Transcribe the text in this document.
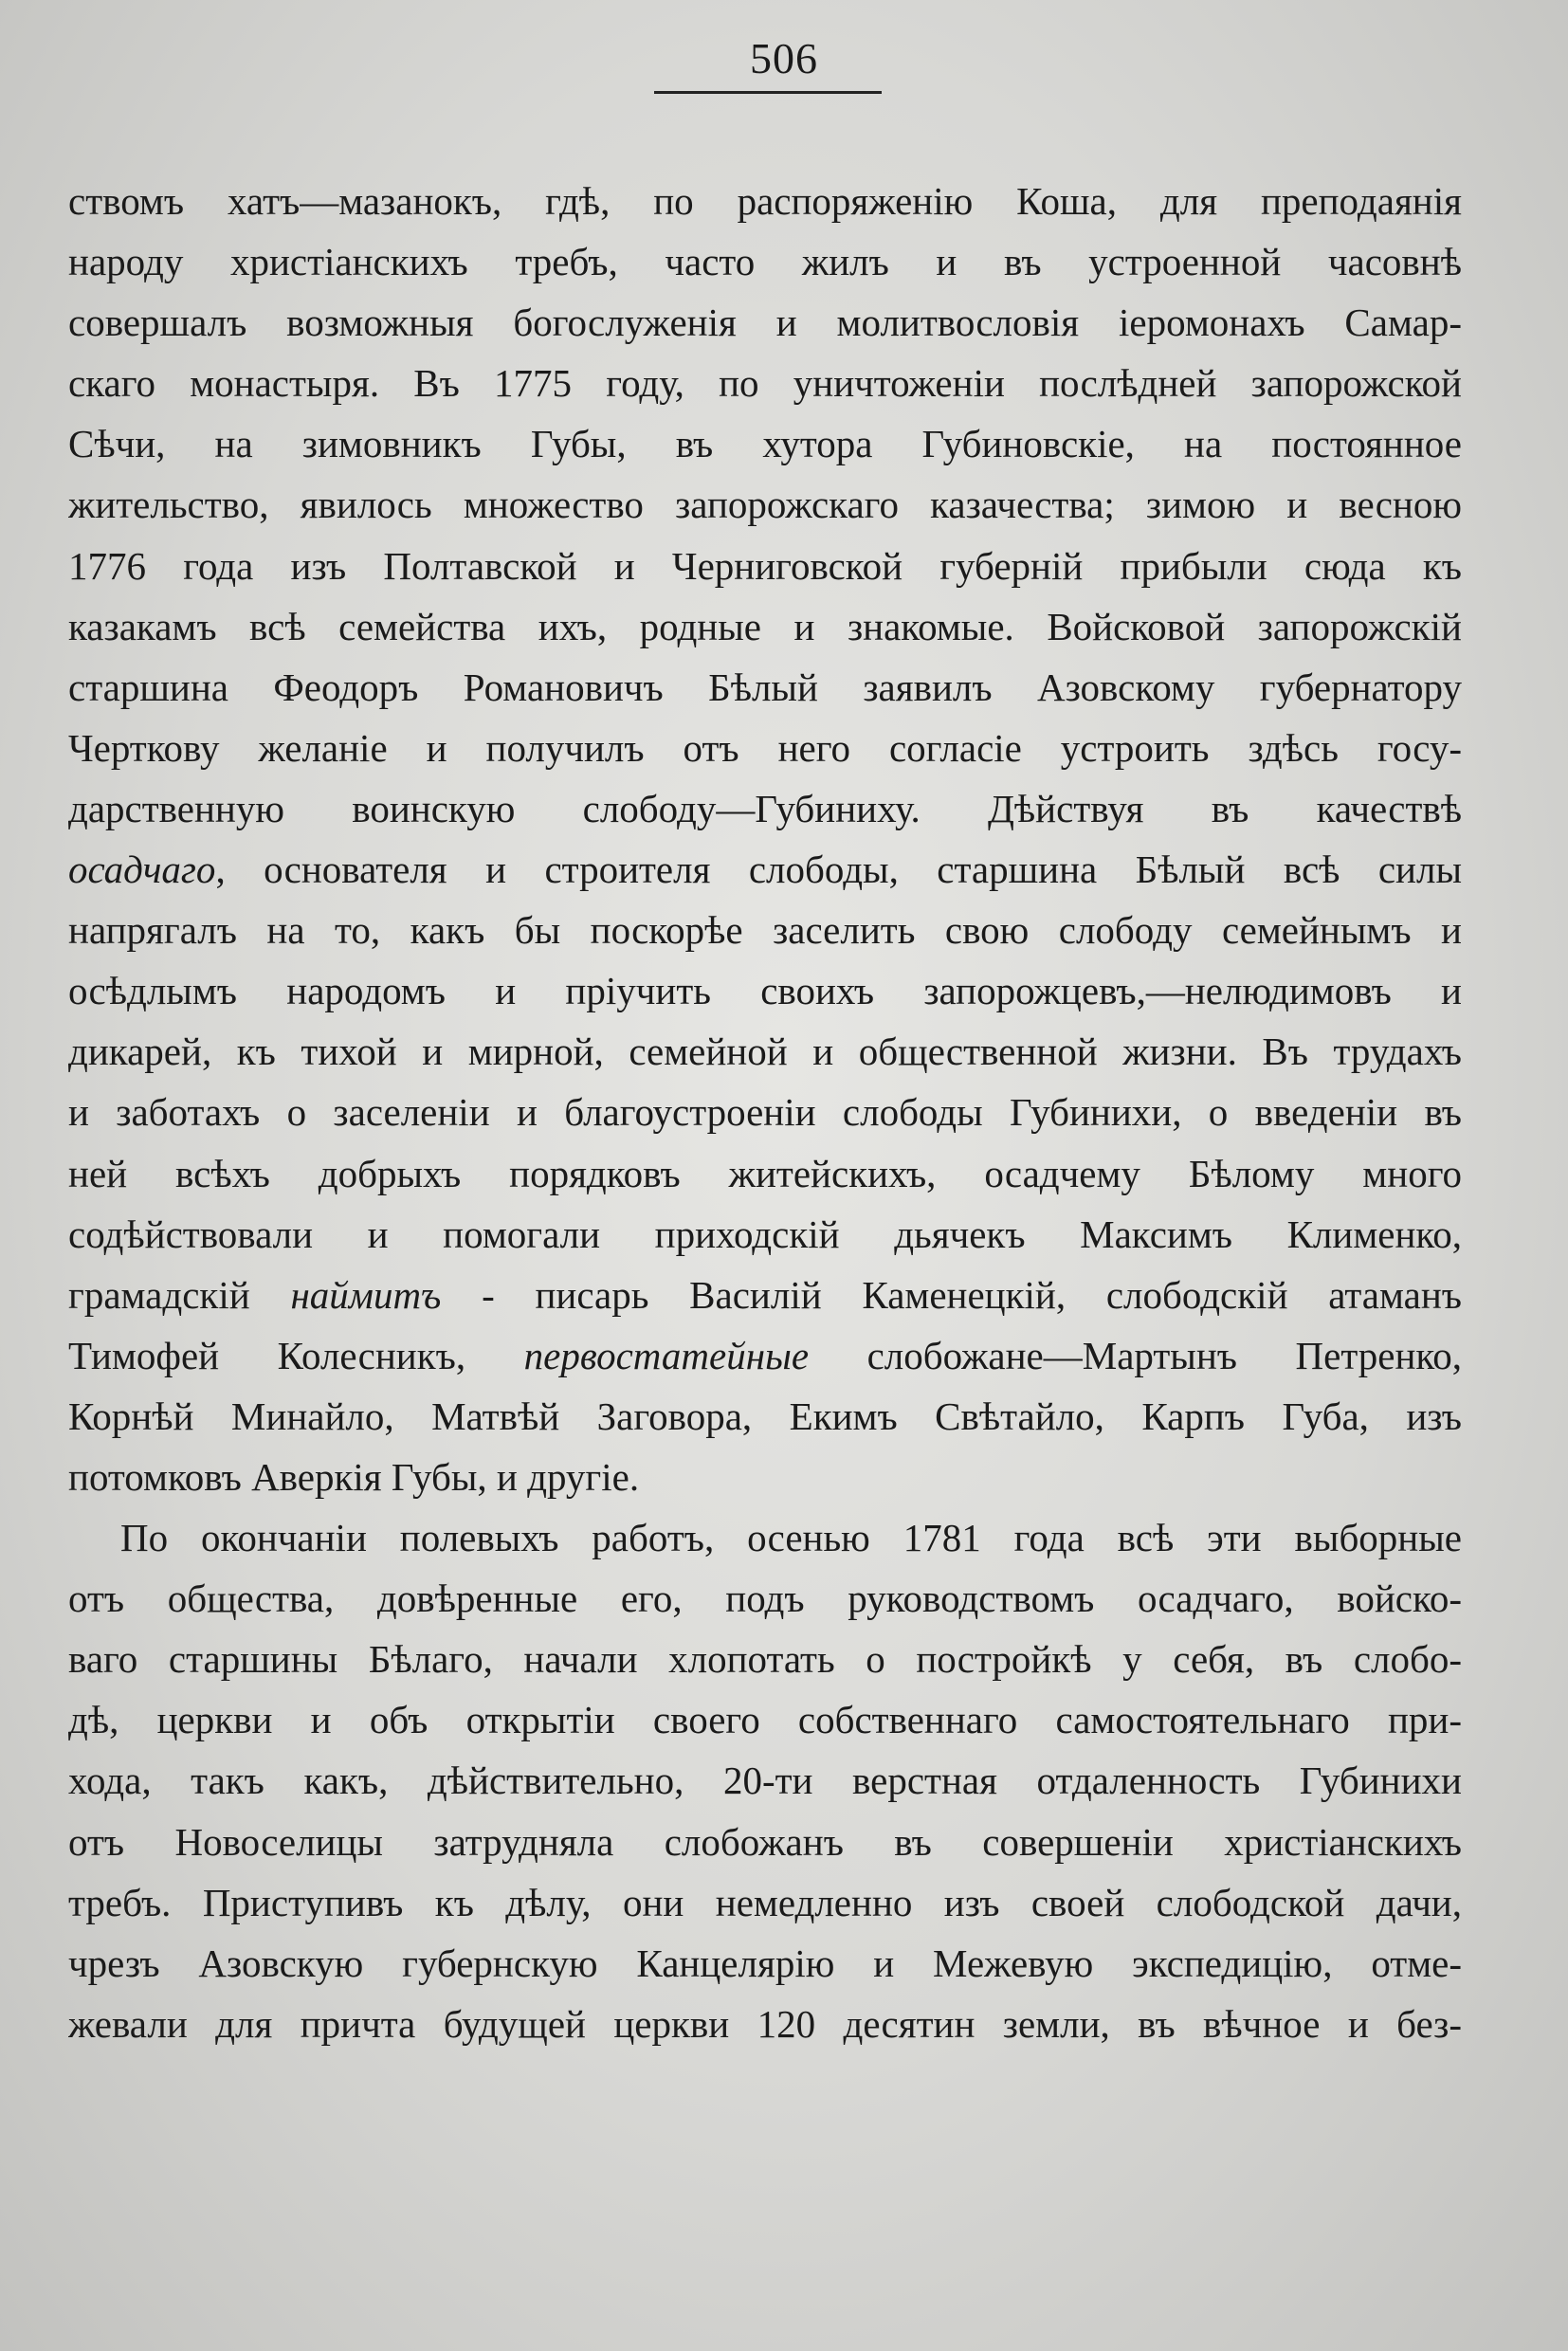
506
ствомъ хатъ—мазанокъ, гдѣ, по распоряженію Коша, для преподаянія
народу христіанскихъ требъ, часто жилъ и въ устроенной часовнѣ
совершалъ возможныя богослуженія и молитвословія іеромонахъ Самар-
скаго монастыря. Въ 1775 году, по уничтоженіи послѣдней запорожской
Сѣчи, на зимовникъ Губы, въ хутора Губиновскіе, на постоянное
жительство, явилось множество запорожскаго казачества; зимою и весною
1776 года изъ Полтавской и Черниговской губерній прибыли сюда къ
казакамъ всѣ семейства ихъ, родные и знакомые. Войсковой запорожскій
старшина Феодоръ Романовичъ Бѣлый заявилъ Азовскому губернатору
Черткову желаніе и получилъ отъ него согласіе устроить здѣсь госу-
дарственную воинскую слободу—Губиниху. Дѣйствуя въ качествѣ
осадчаго, основателя и строителя слободы, старшина Бѣлый всѣ силы
напрягалъ на то, какъ бы поскорѣе заселить свою слободу семейнымъ и
осѣдлымъ народомъ и пріучить своихъ запорожцевъ,—нелюдимовъ и
дикарей, къ тихой и мирной, семейной и общественной жизни. Въ трудахъ
и заботахъ о заселеніи и благоустроеніи слободы Губинихи, о введеніи въ
ней всѣхъ добрыхъ порядковъ житейскихъ, осадчему Бѣлому много
содѣйствовали и помогали приходскій дьячекъ Максимъ Клименко,
грамадскій наймитъ - писарь Василій Каменецкій, слободскій атаманъ
Тимофей Колесникъ, первостатейные слобожане—Мартынъ Петренко,
Корнѣй Минайло, Матвѣй Заговора, Екимъ Свѣтайло, Карпъ Губа, изъ
потомковъ Аверкія Губы, и другіе.
По окончаніи полевыхъ работъ, осенью 1781 года всѣ эти выборные
отъ общества, довѣренные его, подъ руководствомъ осадчаго, войско-
ваго старшины Бѣлаго, начали хлопотать о постройкѣ у себя, въ слобо-
дѣ, церкви и объ открытіи своего собственнаго самостоятельнаго при-
хода, такъ какъ, дѣйствительно, 20-ти верстная отдаленность Губинихи
отъ Новоселицы затрудняла слобожанъ въ совершеніи христіанскихъ
требъ. Приступивъ къ дѣлу, они немедленно изъ своей слободской дачи,
чрезъ Азовскую губернскую Канцелярію и Межевую экспедицію, отме-
жевали для причта будущей церкви 120 десятин земли, въ вѣчное и без-
